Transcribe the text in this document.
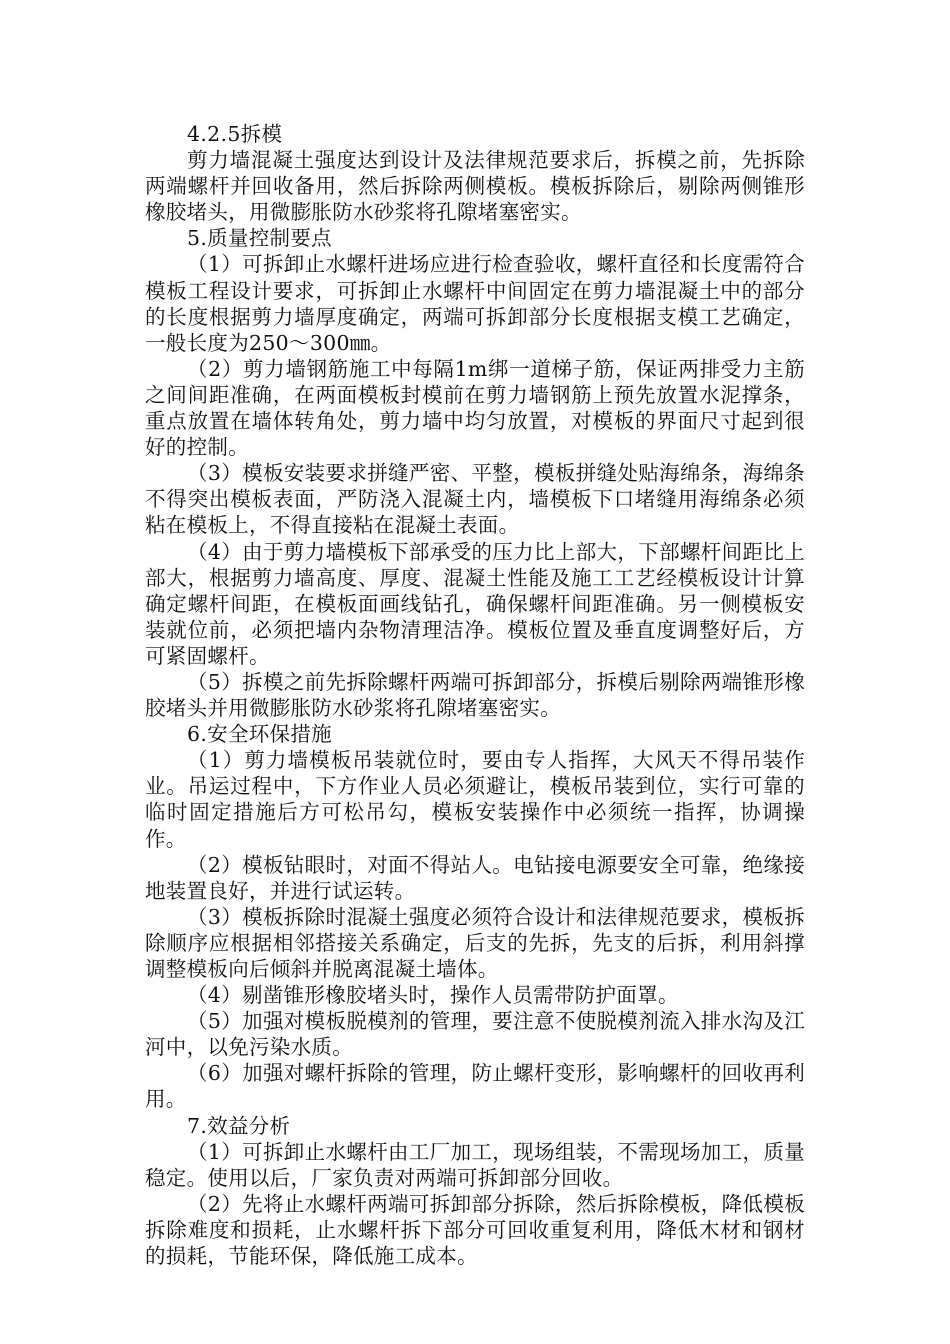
4.2.5拆模

剪力墙混凝土强度达到设计及法律规范要求后，拆模之前，先拆除两端螺杆并回收备用，然后拆除两侧模板。模板拆除后，剔除两侧锥形橡胶堵头，用微膨胀防水砂浆将孔隙堵塞密实。

5.质量控制要点

（1）可拆卸止水螺杆进场应进行检查验收，螺杆直径和长度需符合模板工程设计要求，可拆卸止水螺杆中间固定在剪力墙混凝土中的部分的长度根据剪力墙厚度确定，两端可拆卸部分长度根据支模工艺确定，一般长度为250～300㎜。

（2）剪力墙钢筋施工中每隔1m绑一道梯子筋，保证两排受力主筋之间间距准确，在两面模板封模前在剪力墙钢筋上预先放置水泥撑条，重点放置在墙体转角处，剪力墙中均匀放置，对模板的界面尺寸起到很好的控制。

（3）模板安装要求拼缝严密、平整，模板拼缝处贴海绵条，海绵条不得突出模板表面，严防浇入混凝土内，墙模板下口堵缝用海绵条必须粘在模板上，不得直接粘在混凝土表面。

（4）由于剪力墙模板下部承受的压力比上部大，下部螺杆间距比上部大，根据剪力墙高度、厚度、混凝土性能及施工工艺经模板设计计算确定螺杆间距，在模板面画线钻孔，确保螺杆间距准确。另一侧模板安装就位前，必须把墙内杂物清理洁净。模板位置及垂直度调整好后，方可紧固螺杆。

（5）拆模之前先拆除螺杆两端可拆卸部分，拆模后剔除两端锥形橡胶堵头并用微膨胀防水砂浆将孔隙堵塞密实。

6.安全环保措施

（1）剪力墙模板吊装就位时，要由专人指挥，大风天不得吊装作业。吊运过程中，下方作业人员必须避让，模板吊装到位，实行可靠的临时固定措施后方可松吊勾，模板安装操作中必须统一指挥，协调操作。

（2）模板钻眼时，对面不得站人。电钻接电源要安全可靠，绝缘接地装置良好，并进行试运转。

（3）模板拆除时混凝土强度必须符合设计和法律规范要求，模板拆除顺序应根据相邻搭接关系确定，后支的先拆，先支的后拆，利用斜撑调整模板向后倾斜并脱离混凝土墙体。

（4）剔凿锥形橡胶堵头时，操作人员需带防护面罩。

（5）加强对模板脱模剂的管理，要注意不使脱模剂流入排水沟及江河中，以免污染水质。

（6）加强对螺杆拆除的管理，防止螺杆变形，影响螺杆的回收再利用。

7.效益分析

（1）可拆卸止水螺杆由工厂加工，现场组装，不需现场加工，质量稳定。使用以后，厂家负责对两端可拆卸部分回收。

（2）先将止水螺杆两端可拆卸部分拆除，然后拆除模板，降低模板拆除难度和损耗，止水螺杆拆下部分可回收重复利用，降低木材和钢材的损耗，节能环保，降低施工成本。
